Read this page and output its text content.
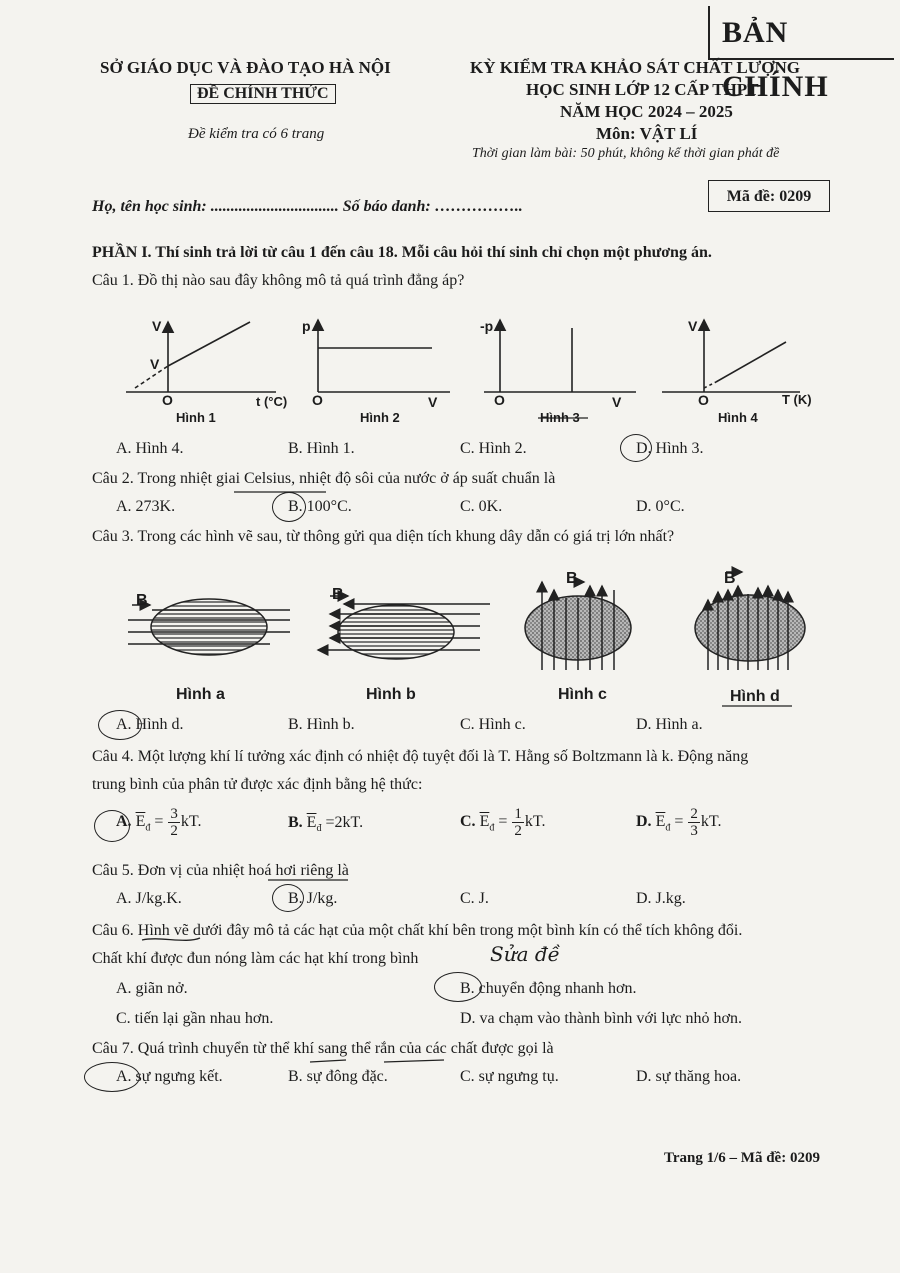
BẢN CHÍNH
SỞ GIÁO DỤC VÀ ĐÀO TẠO HÀ NỘI
ĐỀ CHÍNH THỨC
Đề kiểm tra có 6 trang
KỲ KIỂM TRA KHẢO SÁT CHẤT LƯỢNG
HỌC SINH LỚP 12 CẤP THPT
NĂM HỌC 2024 – 2025
Môn: VẬT LÍ
Thời gian làm bài: 50 phút, không kể thời gian phát đề
Họ, tên học sinh: ................................ Số báo danh: ……………..
Mã đề: 0209
PHẦN I. Thí sinh trả lời từ câu 1 đến câu 18. Mỗi câu hỏi thí sinh chỉ chọn một phương án.
Câu 1. Đồ thị nào sau đây không mô tả quá trình đẳng áp?
V
V
O	t (°C)
Hình 1
p
O	V
Hình 2
-p
O	V
Hình 3
V
O	T (K)
Hình 4
A. Hình 4.	B. Hình 1.	C. Hình 2.	D. Hình 3.
Câu 2. Trong nhiệt giai Celsius, nhiệt độ sôi của nước ở áp suất chuẩn là
A. 273K.	B. 100°C.	C. 0K.	D. 0°C.
Câu 3. Trong các hình vẽ sau, từ thông gửi qua diện tích khung dây dẫn có giá trị lớn nhất?
B	B
B	B
Hình a	Hình b	Hình c	Hình d
A. Hình d.	B. Hình b.	C. Hình c.	D. Hình a.
Câu 4. Một lượng khí lí tưởng xác định có nhiệt độ tuyệt đối là T. Hằng số Boltzmann là k. Động năng
trung bình của phân tử được xác định bằng hệ thức:
A. $\overline{E}_đ = \frac{3}{2}$ kT.	B. $\overline{E}_đ =2kT$.	C. $\overline{E}_đ = \frac{1}{2}$ kT.	D. $\overline{E}_đ = \frac{2}{3}$ kT.
Câu 5. Đơn vị của nhiệt hoá hơi riêng là
A. J/kg.K.	B. J/kg.	C. J.	D. J.kg.
Câu 6. Hình vẽ dưới đây mô tả các hạt của một chất khí bên trong một bình kín có thể tích không đổi.
Chất khí được đun nóng làm các hạt khí trong bình	Sửa đề
A. giãn nở.	B. chuyển động nhanh hơn.
C. tiến lại gần nhau hơn.	D. va chạm vào thành bình với lực nhỏ hơn.
Câu 7. Quá trình chuyển từ thể khí sang thể rắn của các chất được gọi là
A. sự ngưng kết.	B. sự đông đặc.	C. sự ngưng tụ.	D. sự thăng hoa.
Trang 1/6 – Mã đề: 0209
